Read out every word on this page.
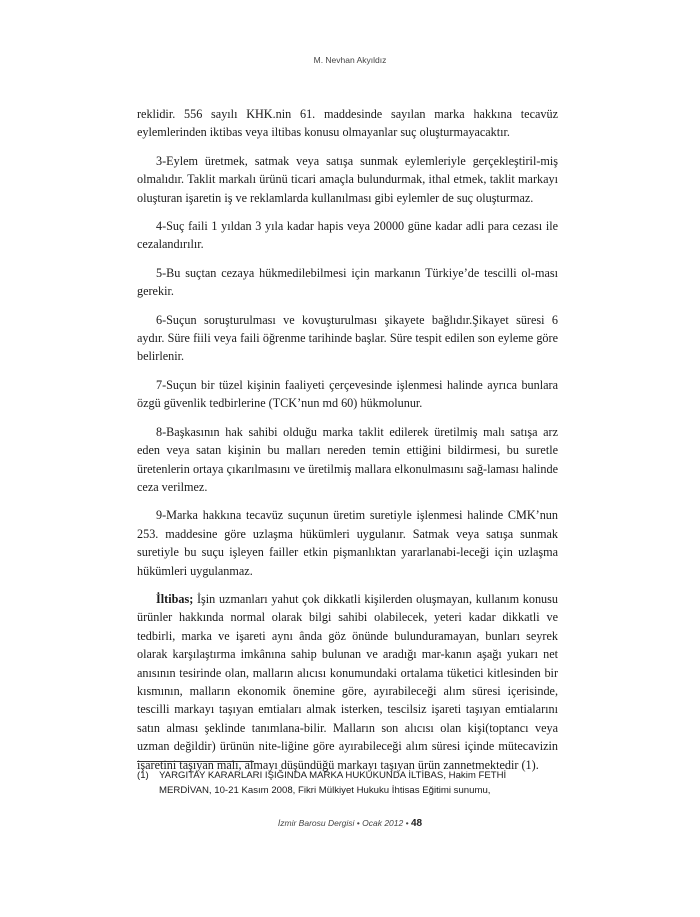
M. Nevhan Akyıldız

reklidir. 556 sayılı KHK.nin 61. maddesinde sayılan marka hakkına tecavüz eylemlerinden iktibas veya iltibas konusu olmayanlar suç oluşturmayacaktır.

3-Eylem üretmek, satmak veya satışa sunmak eylemleriyle gerçekleştiril-miş olmalıdır. Taklit markalı ürünü ticari amaçla bulundurmak, ithal etmek, taklit markayı oluşturan işaretin iş ve reklamlarda kullanılması gibi eylemler de suç oluşturmaz.

4-Suç faili 1 yıldan 3 yıla kadar hapis veya 20000 güne kadar adli para cezası ile cezalandırılır.

5-Bu suçtan cezaya hükmedilebilmesi için markanın Türkiye’de tescilli ol-ması gerekir.

6-Suçun soruşturulması ve kovuşturulması şikayete bağlıdır.Şikayet süresi 6 aydır. Süre fiili veya faili öğrenme tarihinde başlar. Süre tespit edilen son eyleme göre belirlenir.

7-Suçun bir tüzel kişinin faaliyeti çerçevesinde işlenmesi halinde ayrıca bunlara özgü güvenlik tedbirlerine (TCK’nun md 60) hükmolunur.

8-Başkasının hak sahibi olduğu marka taklit edilerek üretilmiş malı satışa arz eden veya satan kişinin bu malları nereden temin ettiğini bildirmesi, bu suretle üretenlerin ortaya çıkarılmasını ve üretilmiş mallara elkonulmasını sağ-laması halinde ceza verilmez.

9-Marka hakkına tecavüz suçunun üretim suretiyle işlenmesi halinde CMK’nun 253. maddesine göre uzlaşma hükümleri uygulanır. Satmak veya satışa sunmak suretiyle bu suçu işleyen failler etkin pişmanlıktan yararlanabi-leceği için uzlaşma hükümleri uygulanmaz.

İltibas; İşin uzmanları yahut çok dikkatli kişilerden oluşmayan, kullanım konusu ürünler hakkında normal olarak bilgi sahibi olabilecek, yeteri kadar dikkatli ve tedbirli, marka ve işareti aynı ânda göz önünde bulunduramayan, bunları seyrek olarak karşılaştırma imkânına sahip bulunan ve aradığı mar-kanın aşağı yukarı net anısının tesirinde olan, malların alıcısı konumundaki ortalama tüketici kitlesinden bir kısmının, malların ekonomik önemine göre, ayırabileceği alım süresi içerisinde, tescilli markayı taşıyan emtiaları almak isterken, tescilsiz işareti taşıyan emtialarını satın alması şeklinde tanımlana-bilir. Malların son alıcısı olan kişi(toptancı veya uzman değildir) ürünün nite-liğine göre ayırabileceği alım süresi içinde mütecavizin işaretini taşıyan malı, almayı düşündüğü markayı taşıyan ürün zannetmektedir (1).

(1) YARGITAY KARARLARI IŞIĞINDA MARKA HUKUKUNDA İLTİBAS, Hakim FETHİ MERDİVAN, 10-21 Kasım 2008, Fikri Mülkiyet Hukuku İhtisas Eğitimi sunumu,
İzmir Barosu Dergisi • Ocak 2012 • 48
